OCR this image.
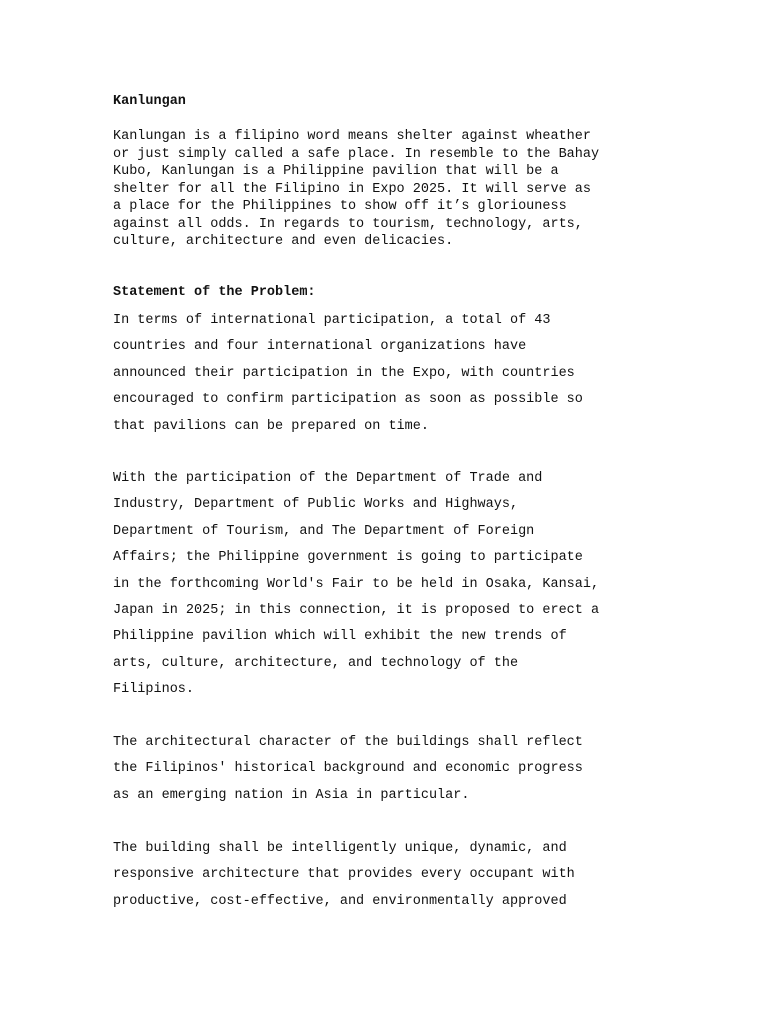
Kanlungan

Kanlungan is a filipino word means shelter against wheather
or just simply called a safe place. In resemble to the Bahay
Kubo, Kanlungan is a Philippine pavilion that will be a
shelter for all the Filipino in Expo 2025. It will serve as
a place for the Philippines to show off it’s gloriouness
against all odds. In regards to tourism, technology, arts,
culture, architecture and even delicacies.

Statement of the Problem:

In terms of international participation, a total of 43
countries and four international organizations have
announced their participation in the Expo, with countries
encouraged to confirm participation as soon as possible so
that pavilions can be prepared on time.

With the participation of the Department of Trade and
Industry, Department of Public Works and Highways,
Department of Tourism, and The Department of Foreign
Affairs; the Philippine government is going to participate
in the forthcoming World's Fair to be held in Osaka, Kansai,
Japan in 2025; in this connection, it is proposed to erect a
Philippine pavilion which will exhibit the new trends of
arts, culture, architecture, and technology of the
Filipinos.

The architectural character of the buildings shall reflect
the Filipinos' historical background and economic progress
as an emerging nation in Asia in particular.

The building shall be intelligently unique, dynamic, and
responsive architecture that provides every occupant with
productive, cost-effective, and environmentally approved
